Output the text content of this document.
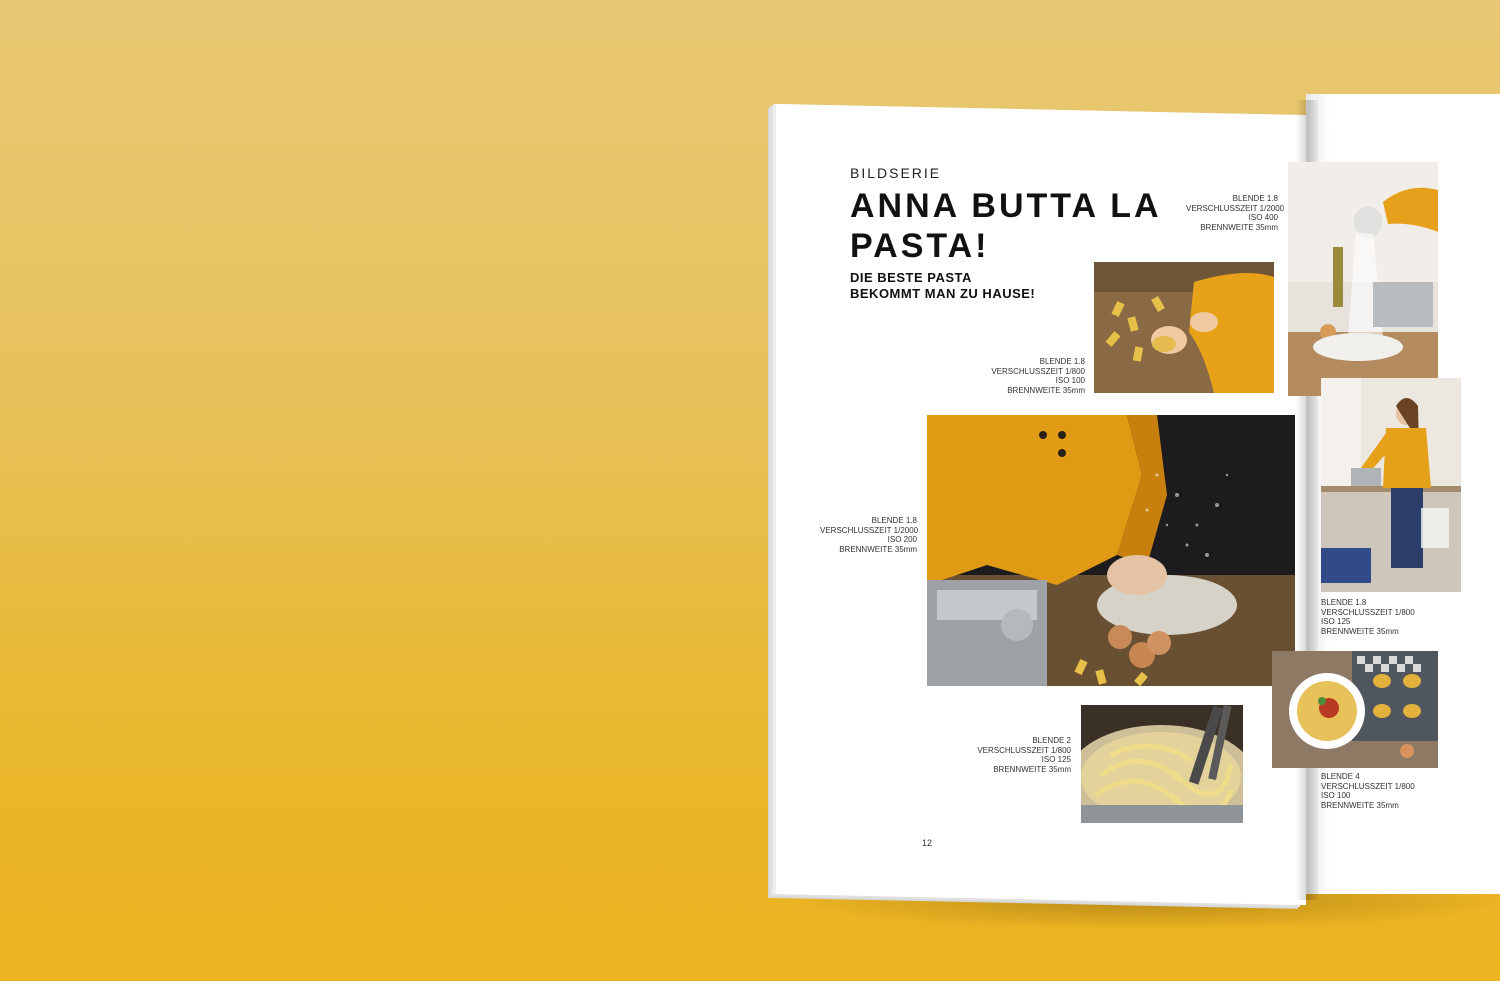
BILDSERIE
ANNA BUTTA LA PASTA!
DIE BESTE PASTA
BEKOMMT MAN ZU HAUSE!
BLENDE 1.8
VERSCHLUSSZEIT 1/2000
ISO 400
BRENNWEITE 35mm
BLENDE 1.8
VERSCHLUSSZEIT 1/800
ISO 100
BRENNWEITE 35mm
BLENDE 1.8
VERSCHLUSSZEIT 1/2000
ISO 200
BRENNWEITE 35mm
BLENDE 1.8
VERSCHLUSSZEIT 1/800
ISO 125
BRENNWEITE 35mm
BLENDE 2
VERSCHLUSSZEIT 1/800
ISO 125
BRENNWEITE 35mm
BLENDE 4
VERSCHLUSSZEIT 1/800
ISO 100
BRENNWEITE 35mm
12
